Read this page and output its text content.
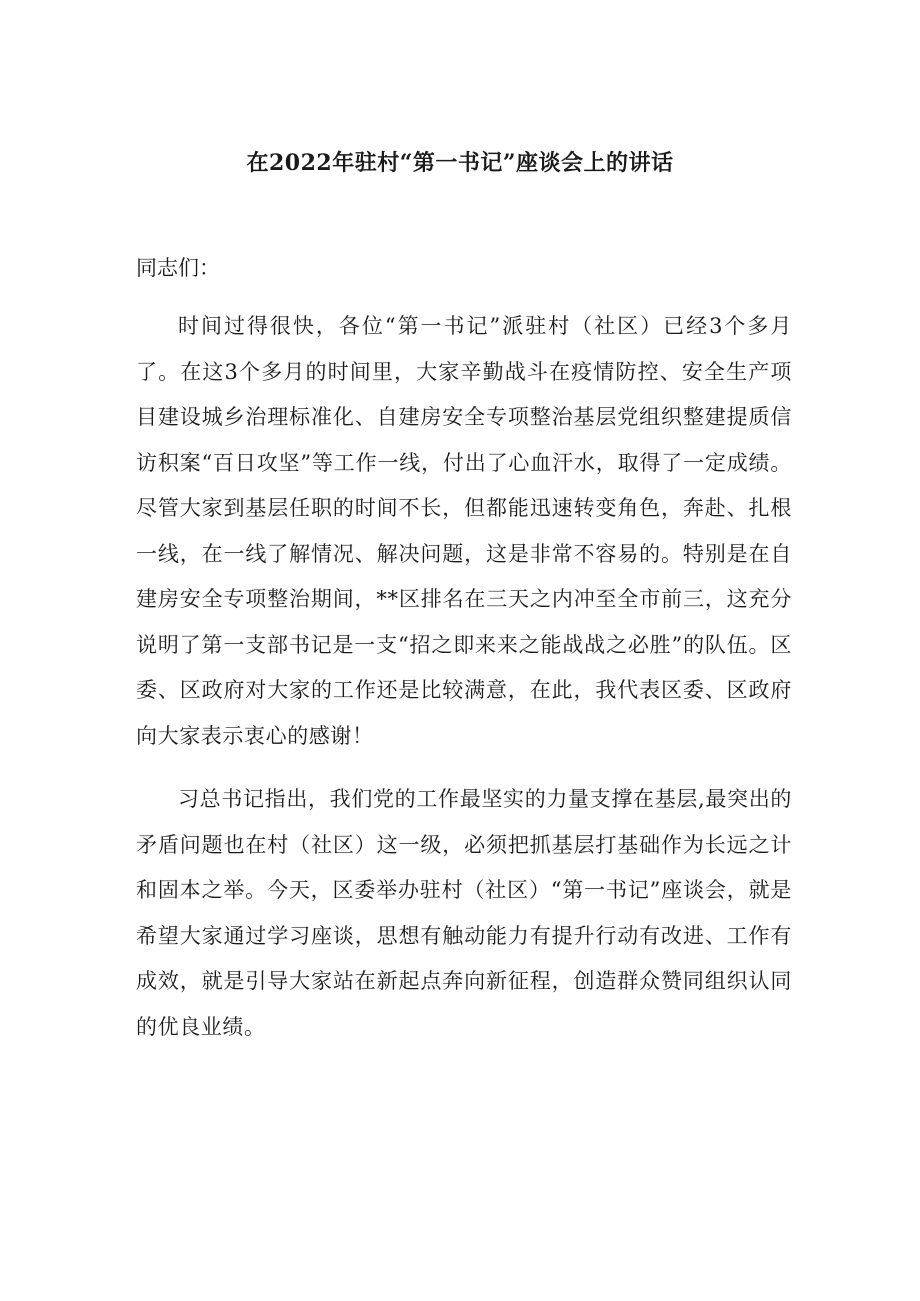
在2022年驻村“第一书记”座谈会上的讲话

同志们：

时间过得很快，各位“第一书记”派驻村（社区）已经3个多月了。在这3个多月的时间里，大家辛勤战斗在疫情防控、安全生产项目建设城乡治理标准化、自建房安全专项整治基层党组织整建提质信访积案“百日攻坚”等工作一线，付出了心血汗水，取得了一定成绩。尽管大家到基层任职的时间不长，但都能迅速转变角色，奔赴、扎根一线，在一线了解情况、解决问题，这是非常不容易的。特别是在自建房安全专项整治期间，**区排名在三天之内冲至全市前三，这充分说明了第一支部书记是一支“招之即来来之能战战之必胜”的队伍。区委、区政府对大家的工作还是比较满意，在此，我代表区委、区政府向大家表示衷心的感谢！

习总书记指出，我们党的工作最坚实的力量支撑在基层,最突出的矛盾问题也在村（社区）这一级，必须把抓基层打基础作为长远之计和固本之举。今天，区委举办驻村（社区）“第一书记”座谈会，就是希望大家通过学习座谈，思想有触动能力有提升行动有改进、工作有成效，就是引导大家站在新起点奔向新征程，创造群众赞同组织认同的优良业绩。
